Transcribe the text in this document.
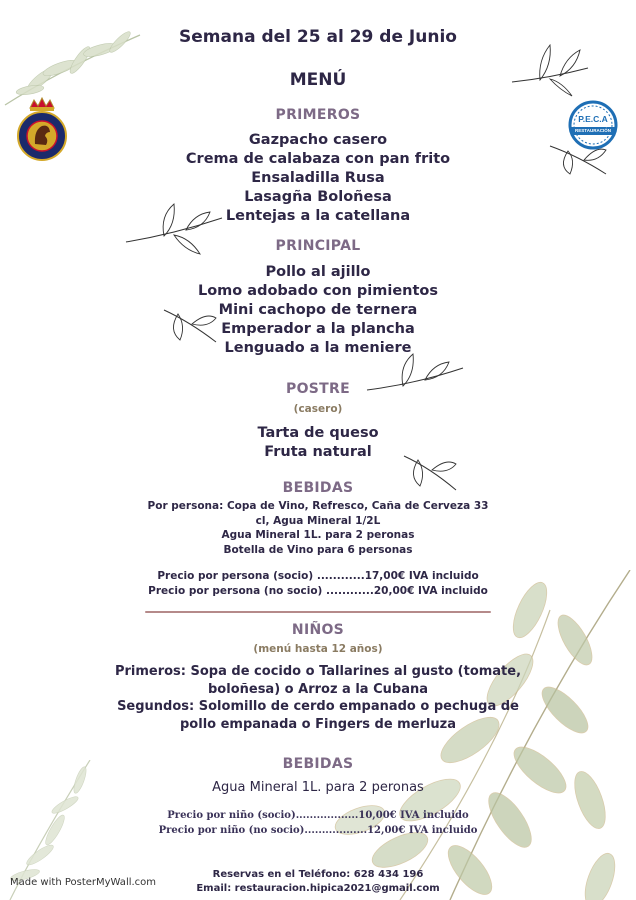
P.E.C.A
RESTAURACIÓN
Semana del 25 al 29 de Junio
MENÚ
PRIMEROS
Gazpacho casero
Crema de calabaza con pan frito
Ensaladilla Rusa
Lasagña Boloñesa
Lentejas a la catellana
PRINCIPAL
Pollo al ajillo
Lomo adobado con pimientos
Mini cachopo de ternera
Emperador a la plancha
Lenguado a la meniere
POSTRE
(casero)
Tarta de queso
Fruta natural
BEBIDAS
Por persona: Copa de Vino, Refresco, Caña de Cerveza 33
cl, Agua Mineral 1/2L
Agua Mineral 1L. para 2 peronas
Botella de Vino para 6 personas
Precio por persona (socio) ............17,00€ IVA incluido
Precio por persona (no socio) ............20,00€ IVA incluido
NIÑOS
(menú hasta 12 años)
Primeros: Sopa de cocido o Tallarines al gusto (tomate,
boloñesa) o Arroz a la Cubana
Segundos: Solomillo de cerdo empanado o pechuga de
pollo empanada o Fingers de merluza
BEBIDAS
Agua Mineral 1L. para 2 peronas
Precio por niño (socio)..................10,00€ IVA incluido
Precio por niño (no socio)..................12,00€ IVA incluido
Reservas en el Teléfono: 628 434 196
Email: restauracion.hipica2021@gmail.com
Made with PosterMyWall.com
